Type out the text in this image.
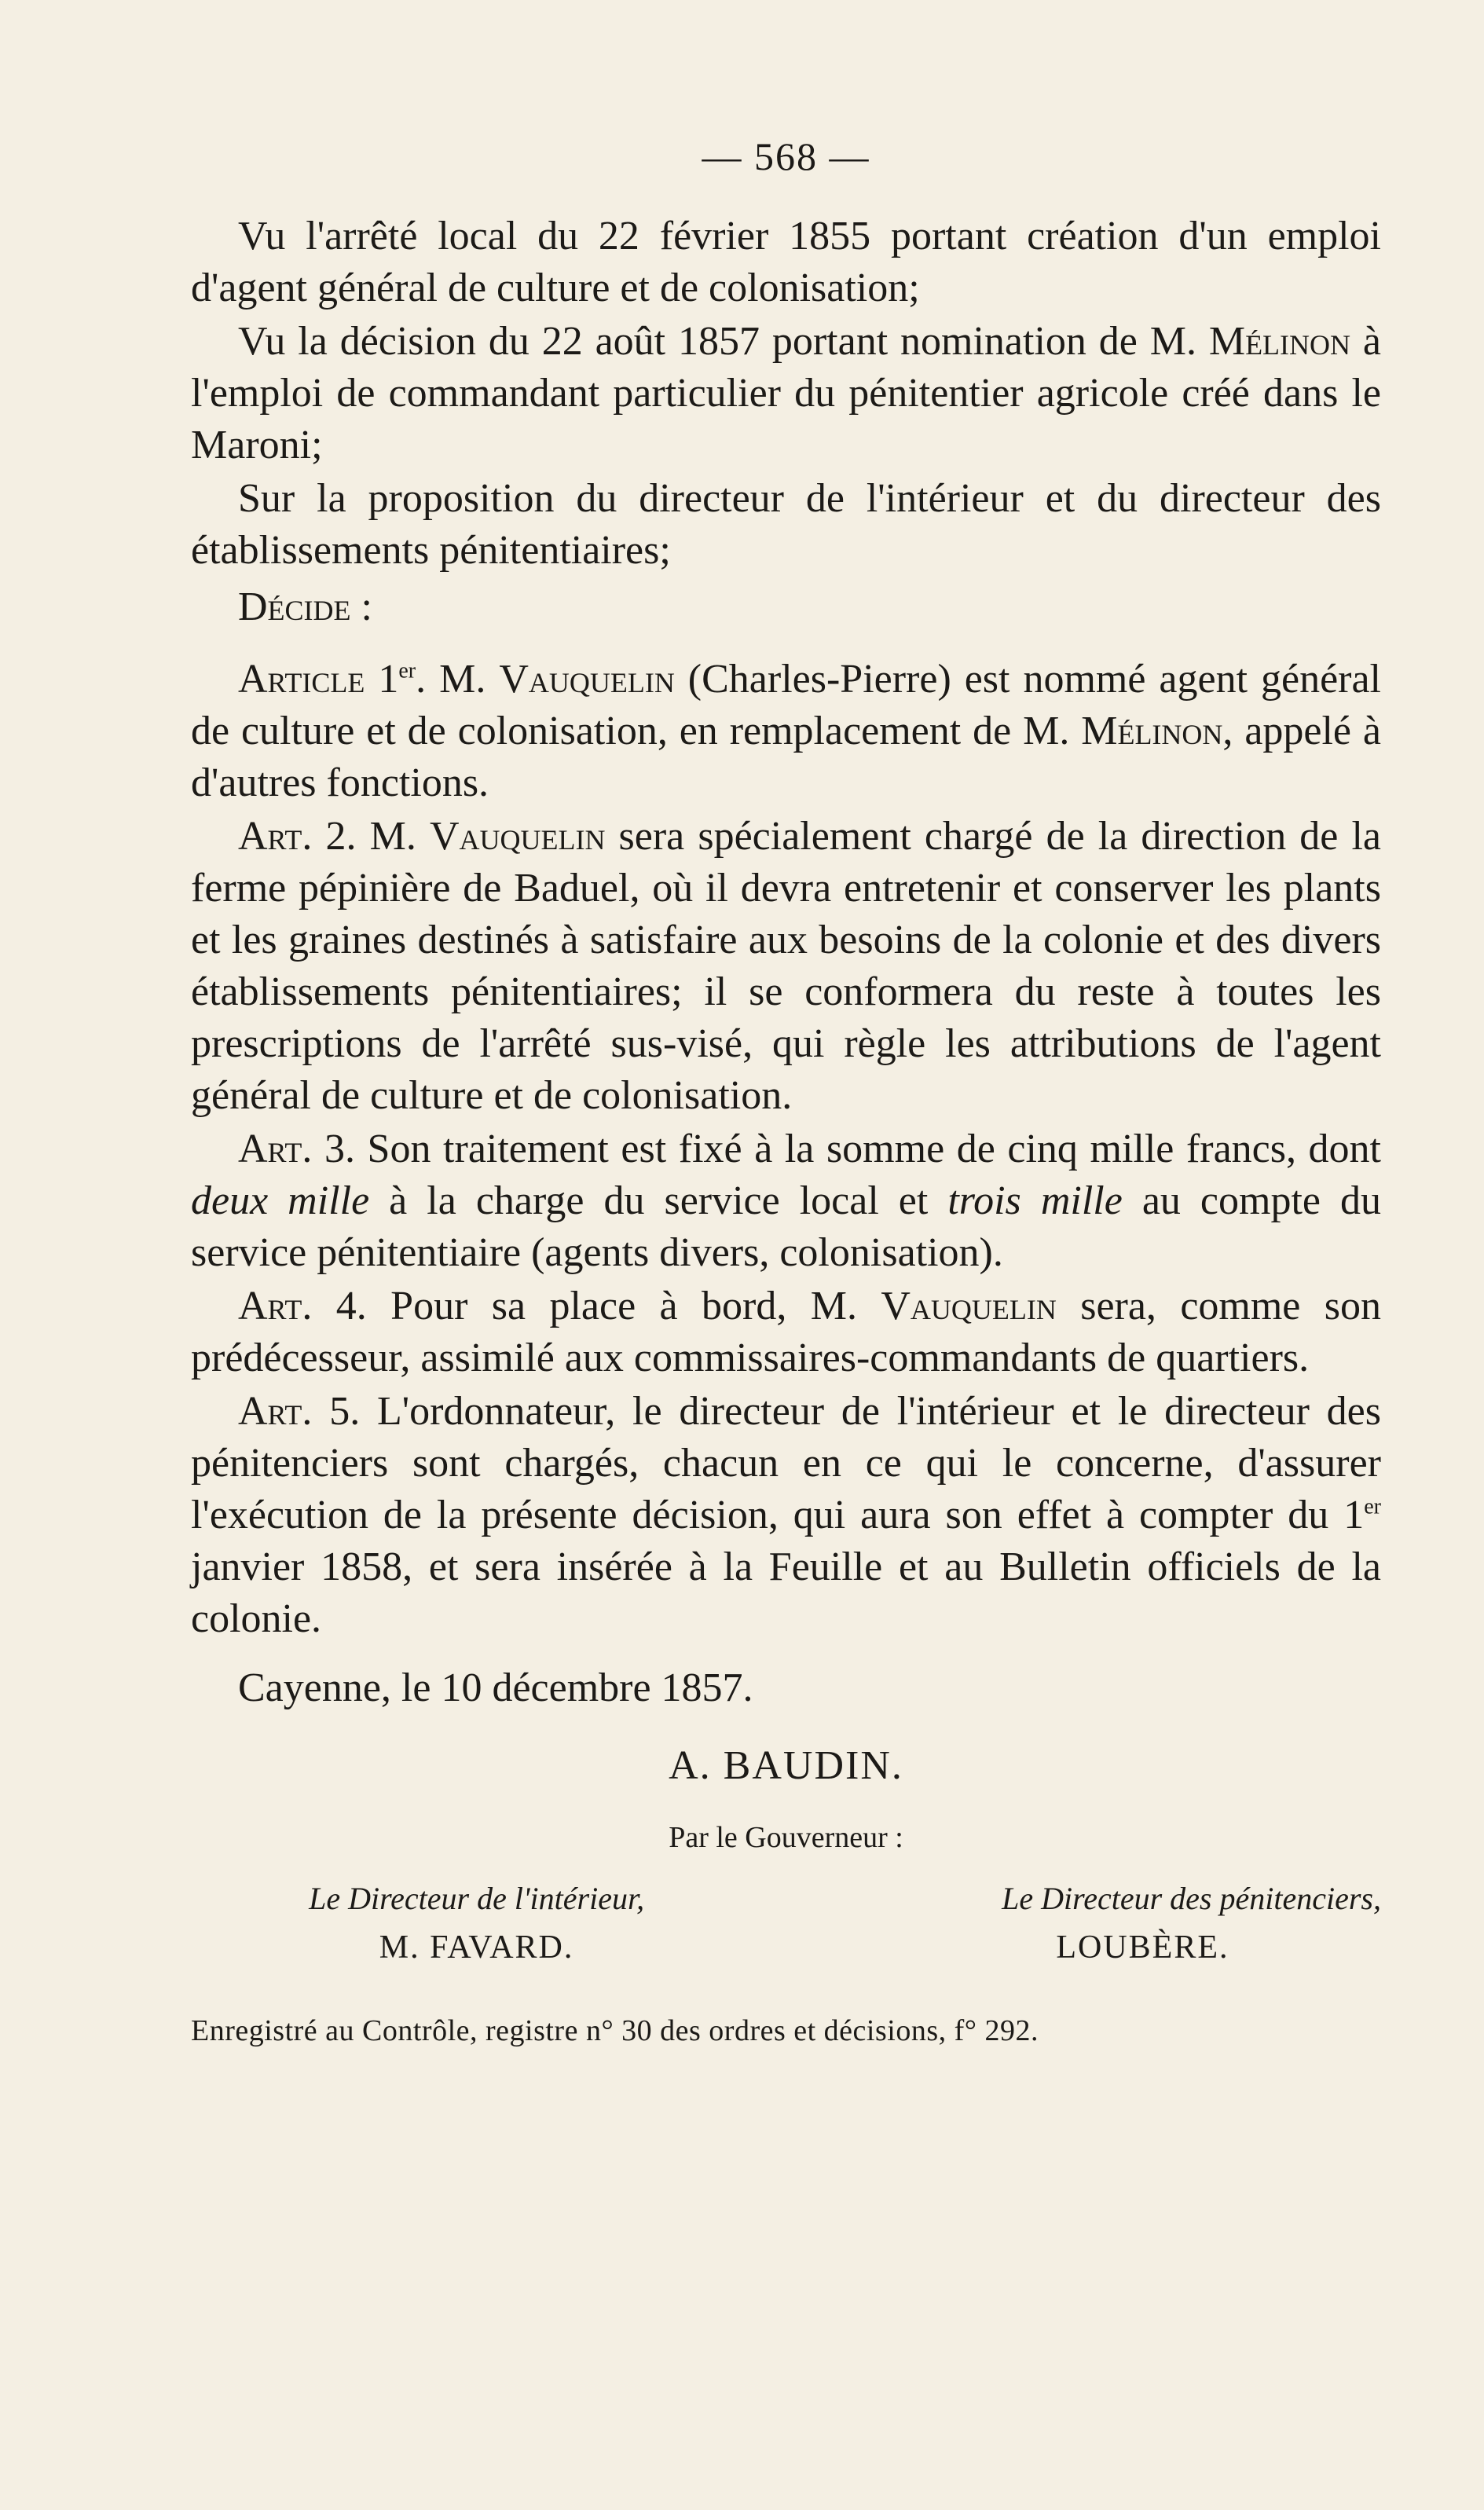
— 568 —

Vu l'arrêté local du 22 février 1855 portant création d'un emploi d'agent général de culture et de colonisation;

Vu la décision du 22 août 1857 portant nomination de M. Mélinon à l'emploi de commandant particulier du pénitentier agricole créé dans le Maroni;

Sur la proposition du directeur de l'intérieur et du directeur des établissements pénitentiaires;

Décide :

Article 1er. M. Vauquelin (Charles-Pierre) est nommé agent général de culture et de colonisation, en remplacement de M. Mélinon, appelé à d'autres fonctions.

Art. 2. M. Vauquelin sera spécialement chargé de la direction de la ferme pépinière de Baduel, où il devra entretenir et conserver les plants et les graines destinés à satisfaire aux besoins de la colonie et des divers établissements pénitentiaires; il se conformera du reste à toutes les prescriptions de l'arrêté sus-visé, qui règle les attributions de l'agent général de culture et de colonisation.

Art. 3. Son traitement est fixé à la somme de cinq mille francs, dont deux mille à la charge du service local et trois mille au compte du service pénitentiaire (agents divers, colonisation).

Art. 4. Pour sa place à bord, M. Vauquelin sera, comme son prédécesseur, assimilé aux commissaires-commandants de quartiers.

Art. 5. L'ordonnateur, le directeur de l'intérieur et le directeur des pénitenciers sont chargés, chacun en ce qui le concerne, d'assurer l'exécution de la présente décision, qui aura son effet à compter du 1er janvier 1858, et sera insérée à la Feuille et au Bulletin officiels de la colonie.

Cayenne, le 10 décembre 1857.

A. BAUDIN.
Par le Gouverneur :
Le Directeur de l'intérieur,
M. FAVARD.
Le Directeur des pénitenciers,
LOUBÈRE.
Enregistré au Contrôle, registre n° 30 des ordres et décisions, f° 292.
